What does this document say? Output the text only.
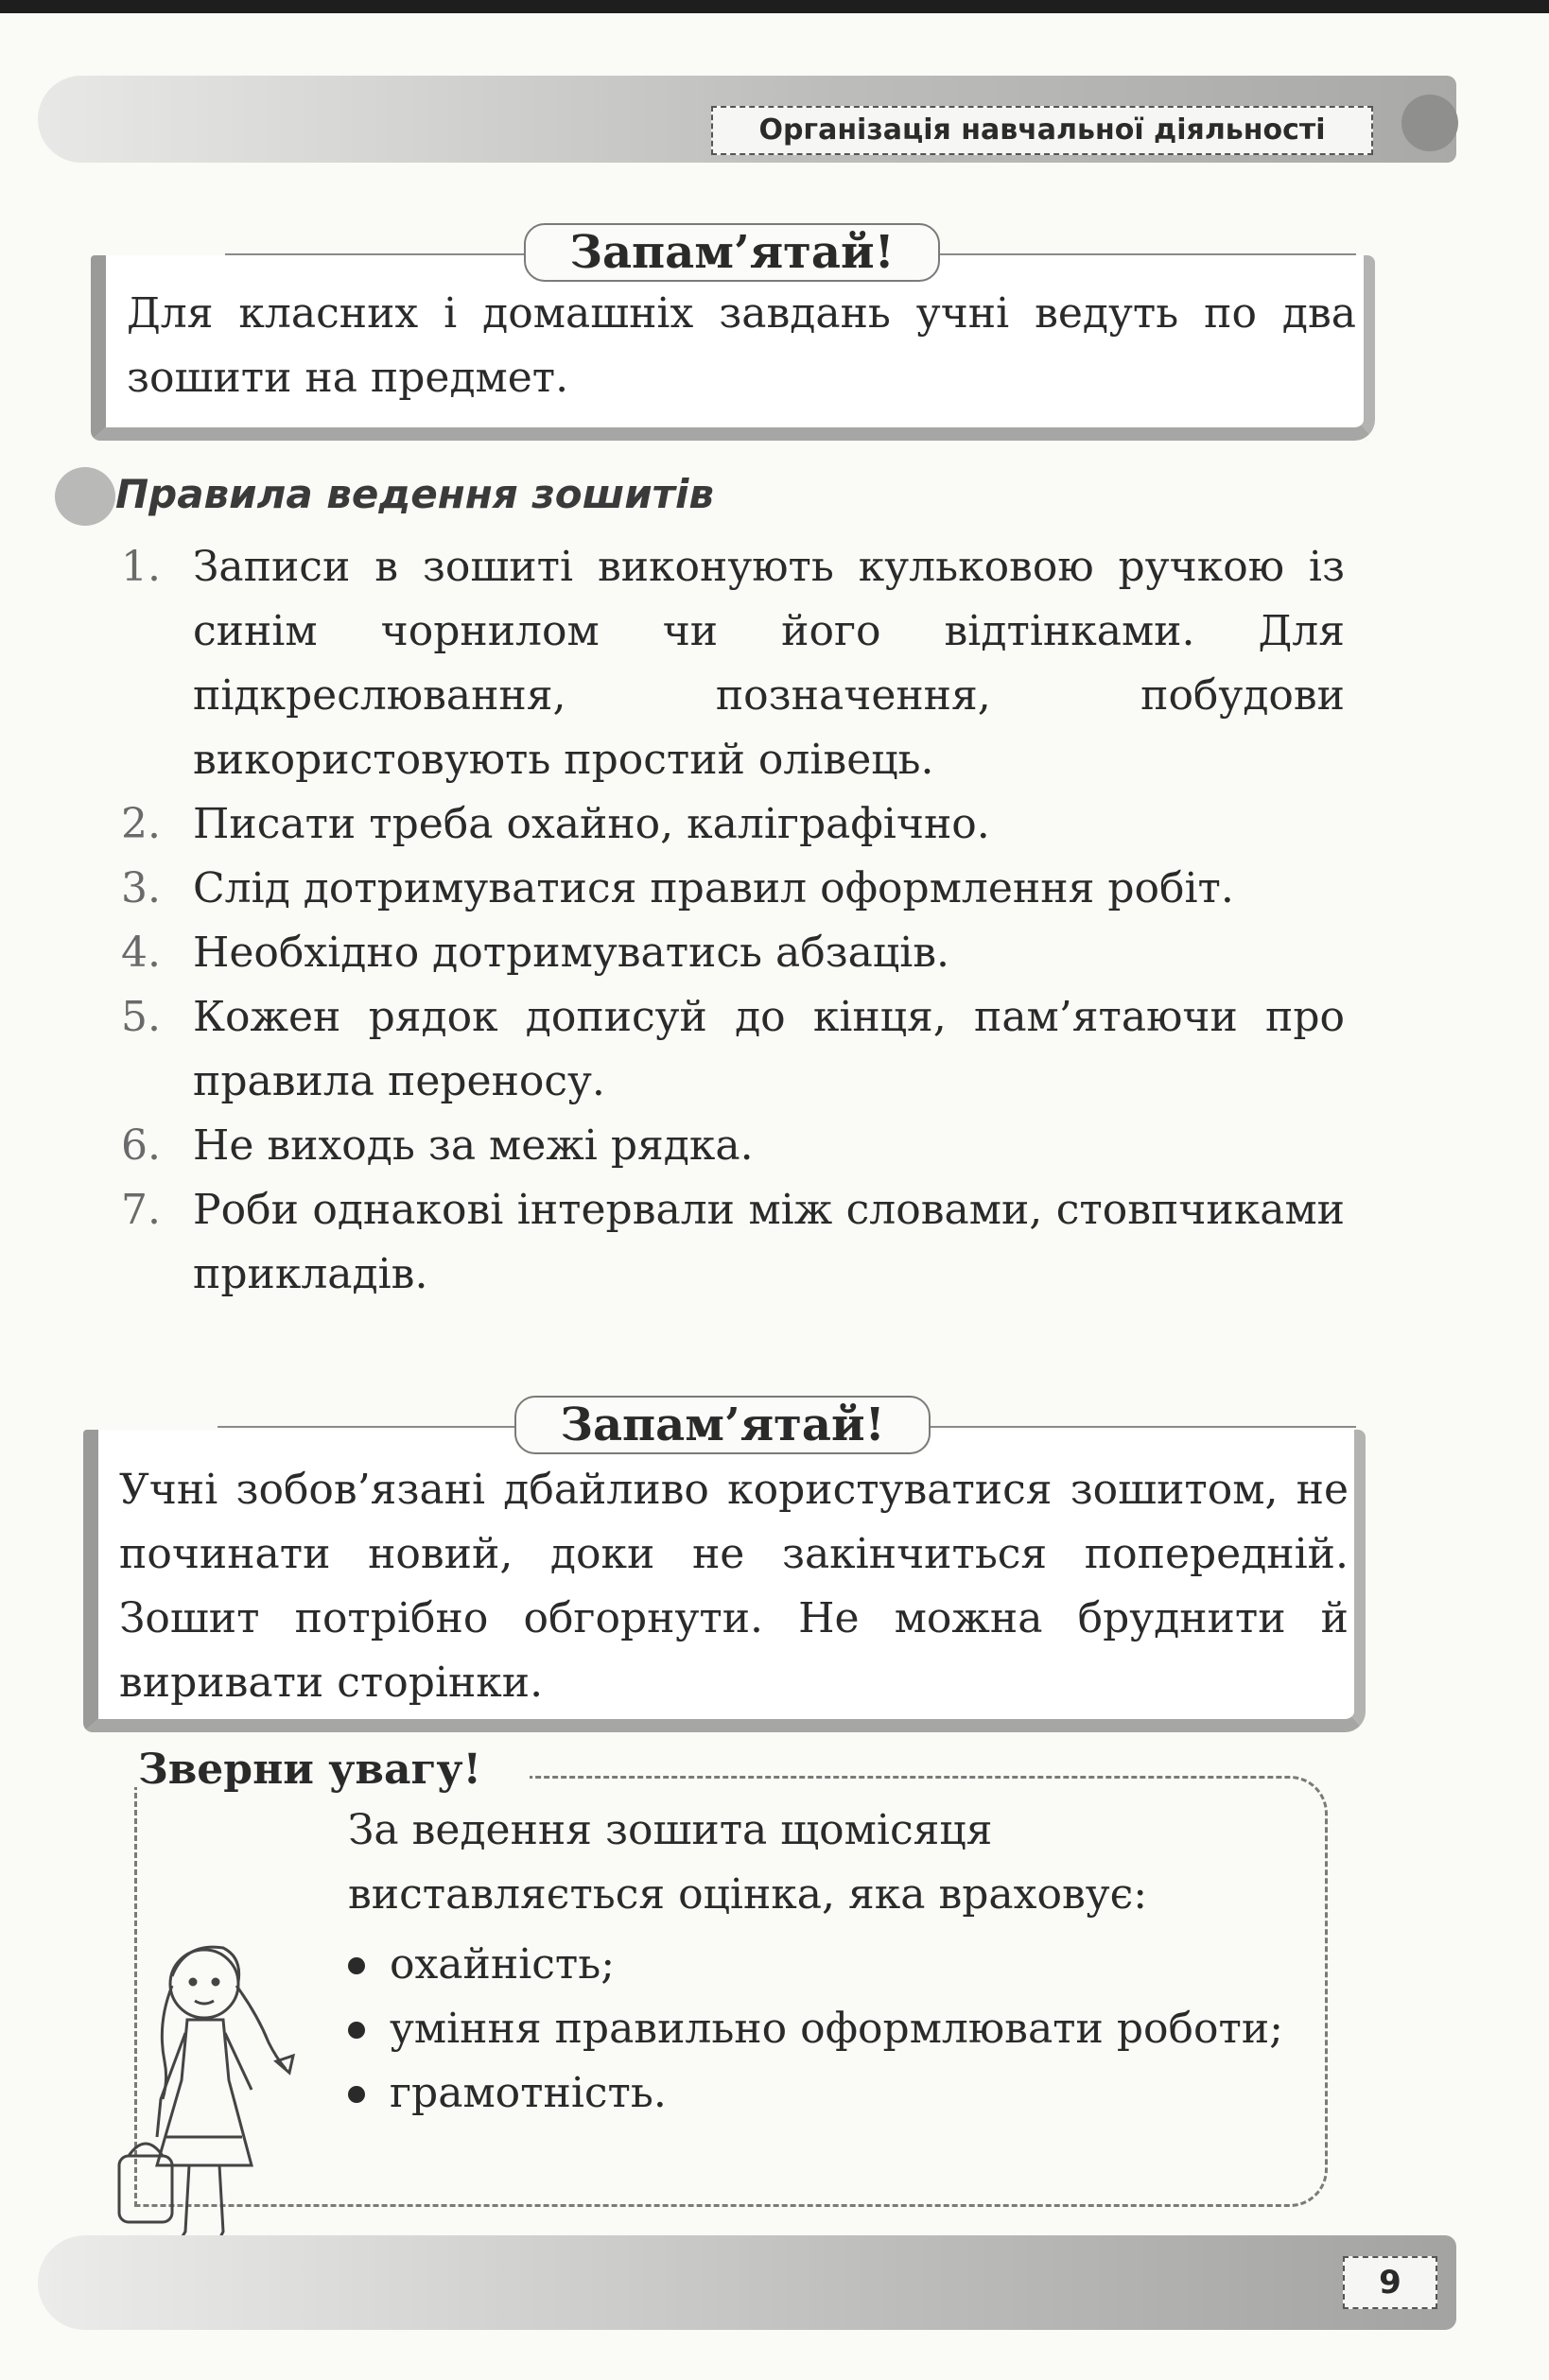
Організація навчальної діяльності
Для класних і домашніх завдань учні ведуть по два зошити на предмет.
Запам’ятай!
Правила ведення зошитів
1. Записи в зошиті виконують кульковою ручкою із синім чорнилом чи його відтінками. Для підкреслювання, позначення, побудови використовують простий олівець.
2. Писати треба охайно, каліграфічно.
3. Слід дотримуватися правил оформлення робіт.
4. Необхідно дотримуватись абзаців.
5. Кожен рядок дописуй до кінця, пам’ятаючи про правила переносу.
6. Не виходь за межі рядка.
7. Роби однакові інтервали між словами, стовпчиками прикладів.
Учні зобов’язані дбайливо користуватися зошитом, не починати новий, доки не закінчиться попередній. Зошит потрібно обгорнути. Не можна бруднити й виривати сторінки.
Запам’ятай!
Зверни увагу!
За ведення зошита щомісяця виставляється оцінка, яка враховує:
охайність;
уміння правильно оформлювати роботи;
грамотність.
9
